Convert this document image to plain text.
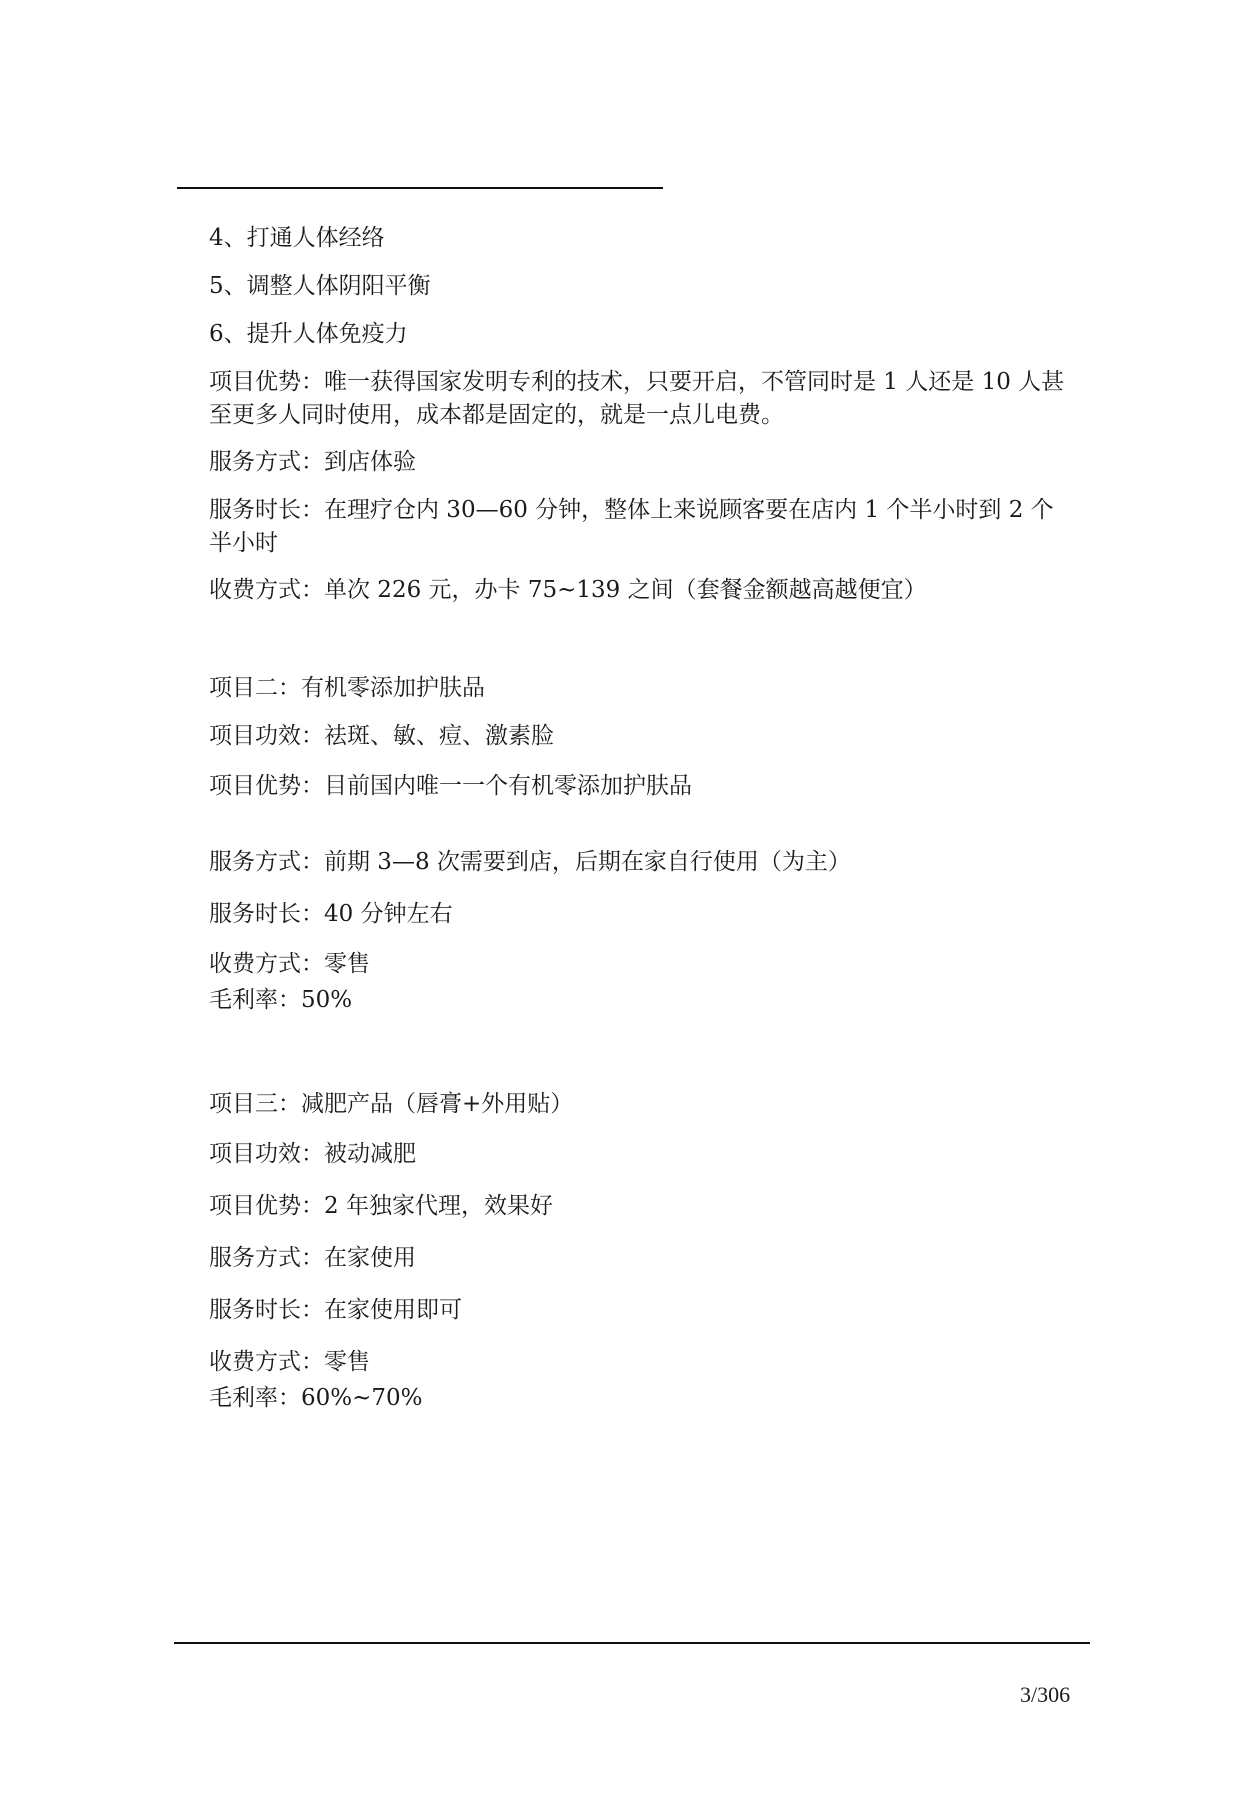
4、打通人体经络
5、调整人体阴阳平衡
6、提升人体免疫力
项目优势：唯一获得国家发明专利的技术，只要开启，不管同时是 1 人还是 10 人甚至更多人同时使用，成本都是固定的，就是一点儿电费。
服务方式：到店体验
服务时长：在理疗仓内 30—60 分钟，整体上来说顾客要在店内 1 个半小时到 2 个半小时
收费方式：单次 226 元，办卡 75~139 之间（套餐金额越高越便宜）
项目二：有机零添加护肤品
项目功效：祛斑、敏、痘、激素脸
项目优势：目前国内唯一一个有机零添加护肤品
服务方式：前期 3—8 次需要到店，后期在家自行使用（为主）
服务时长：40 分钟左右
收费方式：零售
毛利率：50%
项目三：减肥产品（唇膏+外用贴）
项目功效：被动减肥
项目优势：2 年独家代理，效果好
服务方式：在家使用
服务时长：在家使用即可
收费方式：零售
毛利率：60%~70%
3/306
